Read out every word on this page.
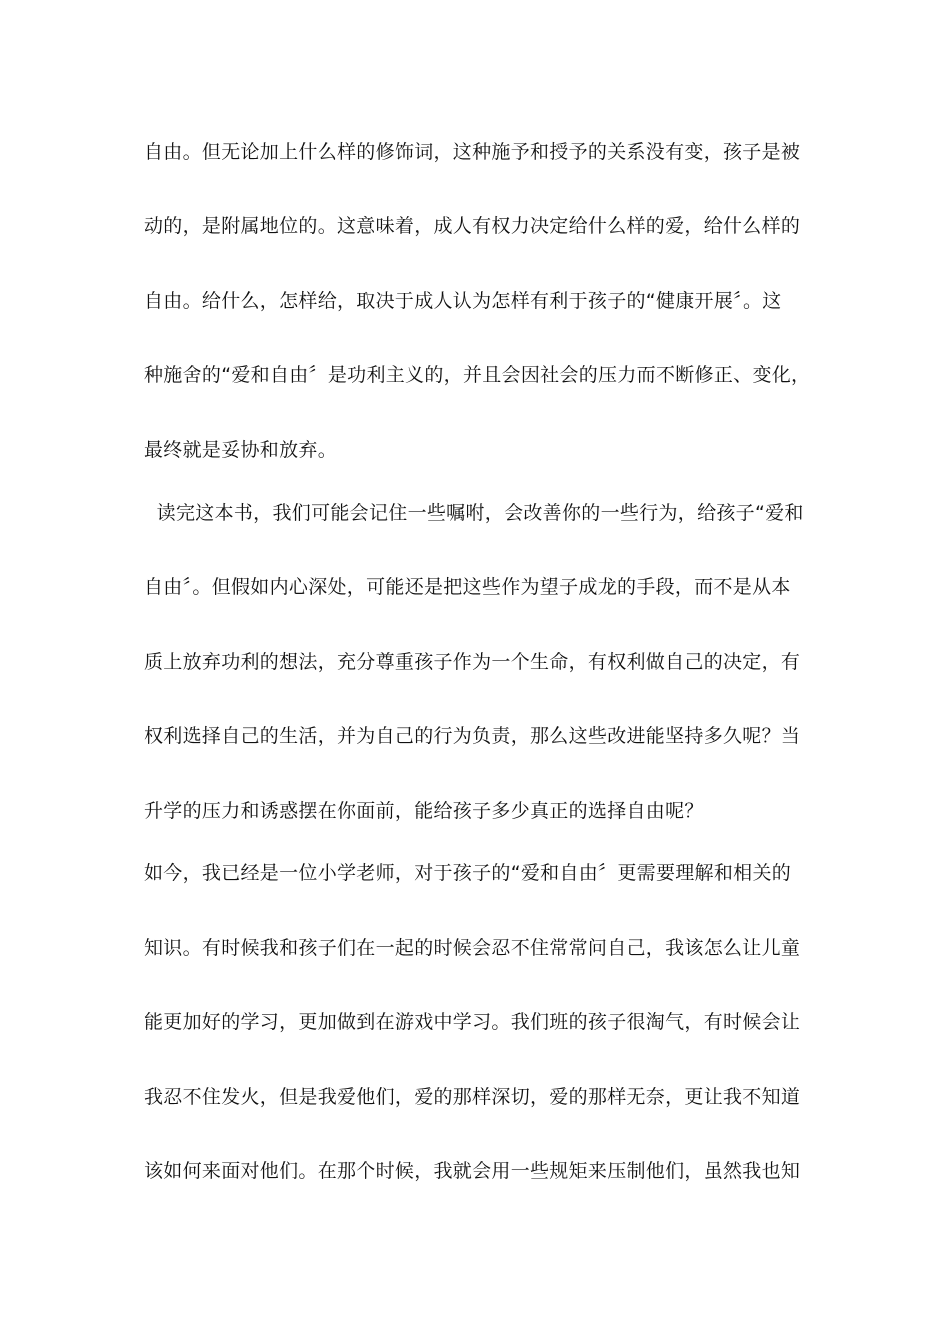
自由。但无论加上什么样的修饰词，这种施予和授予的关系没有变，孩子是被
动的，是附属地位的。这意味着，成人有权力决定给什么样的爱，给什么样的
自由。给什么，怎样给，取决于成人认为怎样有利于孩子的“健康开展〞。这
种施舍的“爱和自由〞是功利主义的，并且会因社会的压力而不断修正、变化，
最终就是妥协和放弃。
读完这本书，我们可能会记住一些嘱咐，会改善你的一些行为，给孩子“爱和
自由〞。但假如内心深处，可能还是把这些作为望子成龙的手段，而不是从本
质上放弃功利的想法，充分尊重孩子作为一个生命，有权利做自己的决定，有
权利选择自己的生活，并为自己的行为负责，那么这些改进能坚持多久呢？当
升学的压力和诱惑摆在你面前，能给孩子多少真正的选择自由呢？
如今，我已经是一位小学老师，对于孩子的“爱和自由〞更需要理解和相关的
知识。有时候我和孩子们在一起的时候会忍不住常常问自己，我该怎么让儿童
能更加好的学习，更加做到在游戏中学习。我们班的孩子很淘气，有时候会让
我忍不住发火，但是我爱他们，爱的那样深切，爱的那样无奈，更让我不知道
该如何来面对他们。在那个时候，我就会用一些规矩来压制他们，虽然我也知
